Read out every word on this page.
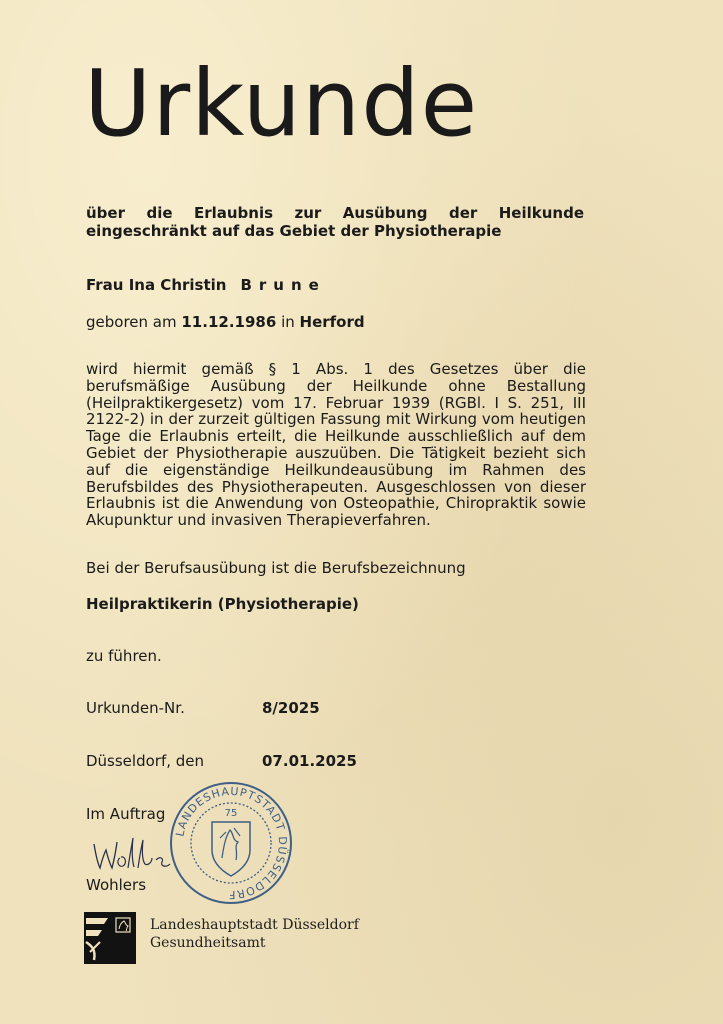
Urkunde
über die Erlaubnis zur Ausübung der Heilkunde
eingeschränkt auf das Gebiet der Physiotherapie
Frau Ina Christin Brune
geboren am 11.12.1986 in Herford
wird hiermit gemäß § 1 Abs. 1 des Gesetzes über die
berufsmäßige Ausübung der Heilkunde ohne Bestallung
(Heilpraktikergesetz) vom 17. Februar 1939 (RGBl. I S. 251, III
2122-2) in der zurzeit gültigen Fassung mit Wirkung vom heutigen
Tage die Erlaubnis erteilt, die Heilkunde ausschließlich auf dem
Gebiet der Physiotherapie auszuüben. Die Tätigkeit bezieht sich
auf die eigenständige Heilkundeausübung im Rahmen des
Berufsbildes des Physiotherapeuten. Ausgeschlossen von dieser
Erlaubnis ist die Anwendung von Osteopathie, Chiropraktik sowie
Akupunktur und invasiven Therapieverfahren.
Bei der Berufsausübung ist die Berufsbezeichnung
Heilpraktikerin (Physiotherapie)
zu führen.
Urkunden-Nr.	8/2025
Düsseldorf, den	07.01.2025
Im Auftrag
Wohlers
LANDESHAUPTSTADT DÜSSELDORF
75
Landeshauptstadt Düsseldorf
Gesundheitsamt
